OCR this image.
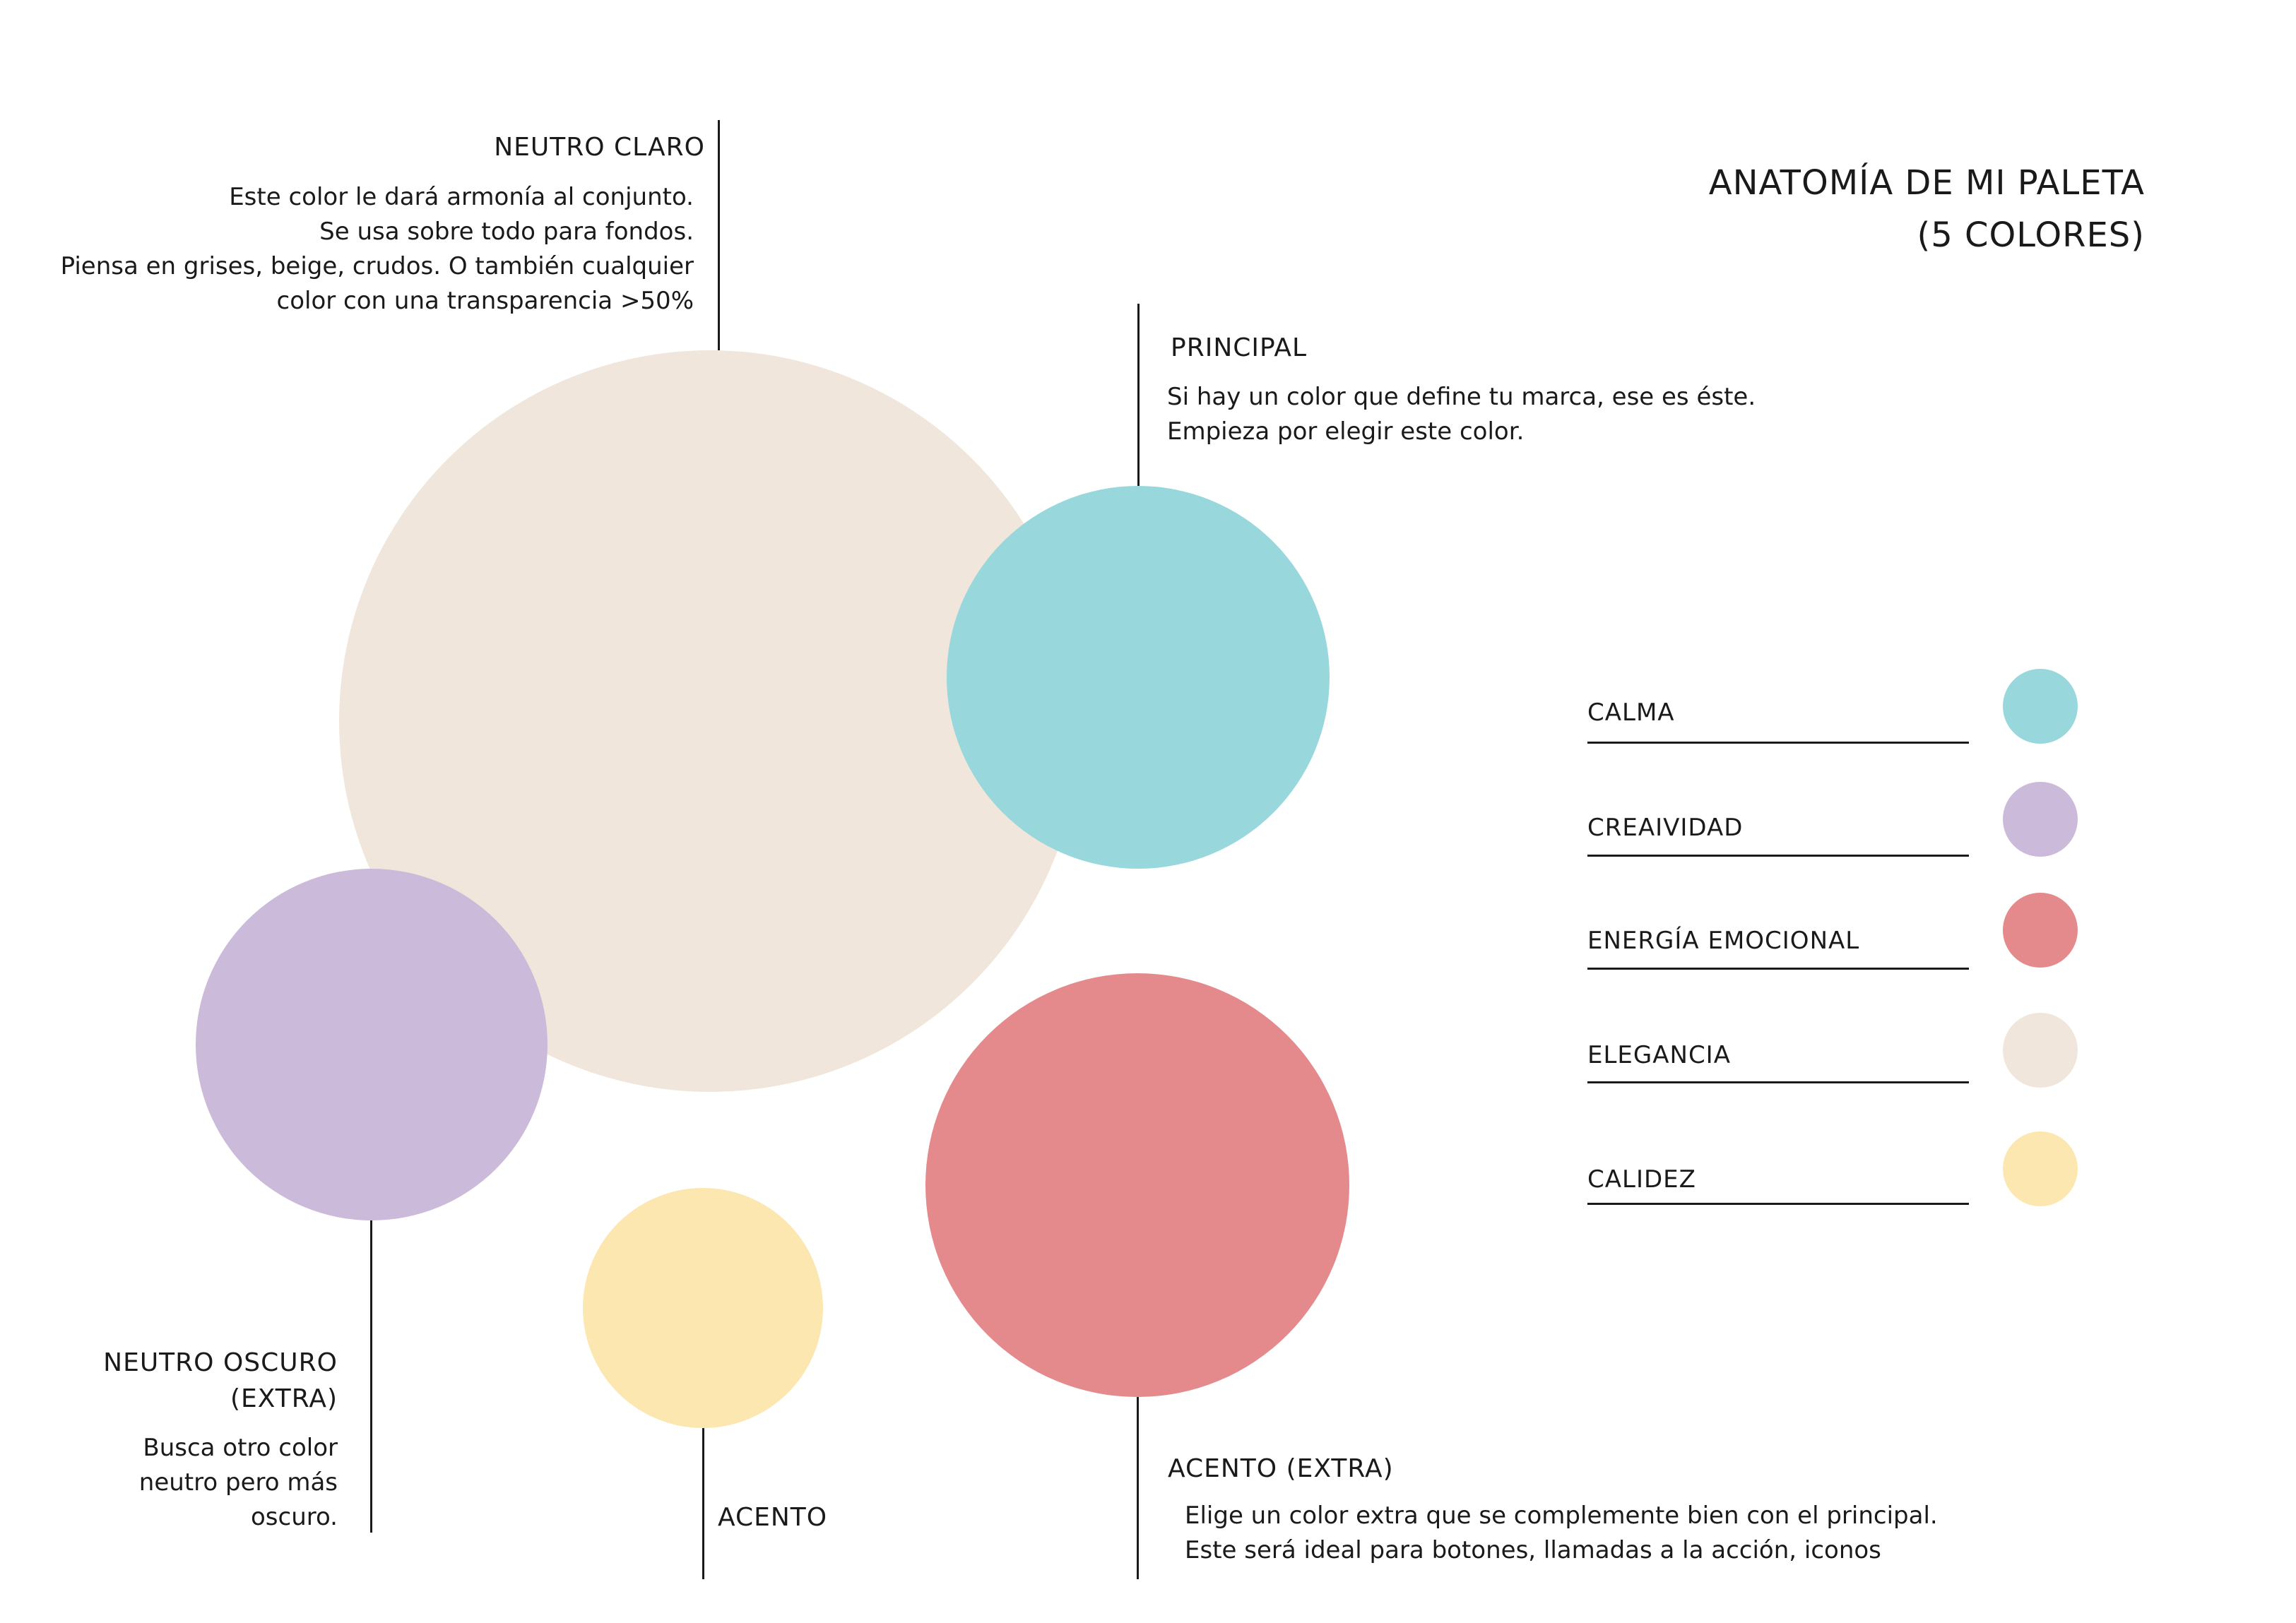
ANATOMÍA DE MI PALETA
(5 COLORES)
NEUTRO CLARO
Este color le dará armonía al conjunto.
Se usa sobre todo para fondos.
Piensa en grises, beige, crudos. O también cualquier
color con una transparencia >50%
PRINCIPAL
Si hay un color que define tu marca, ese es éste.
Empieza por elegir este color.
NEUTRO OSCURO
(EXTRA)
Busca otro color
neutro pero más
oscuro.	ACENTO
ACENTO (EXTRA)
Elige un color extra que se complemente bien con el principal.
Este será ideal para botones, llamadas a la acción, iconos
CALMA
CREAIVIDAD
ENERGÍA EMOCIONAL
ELEGANCIA
CALIDEZ
